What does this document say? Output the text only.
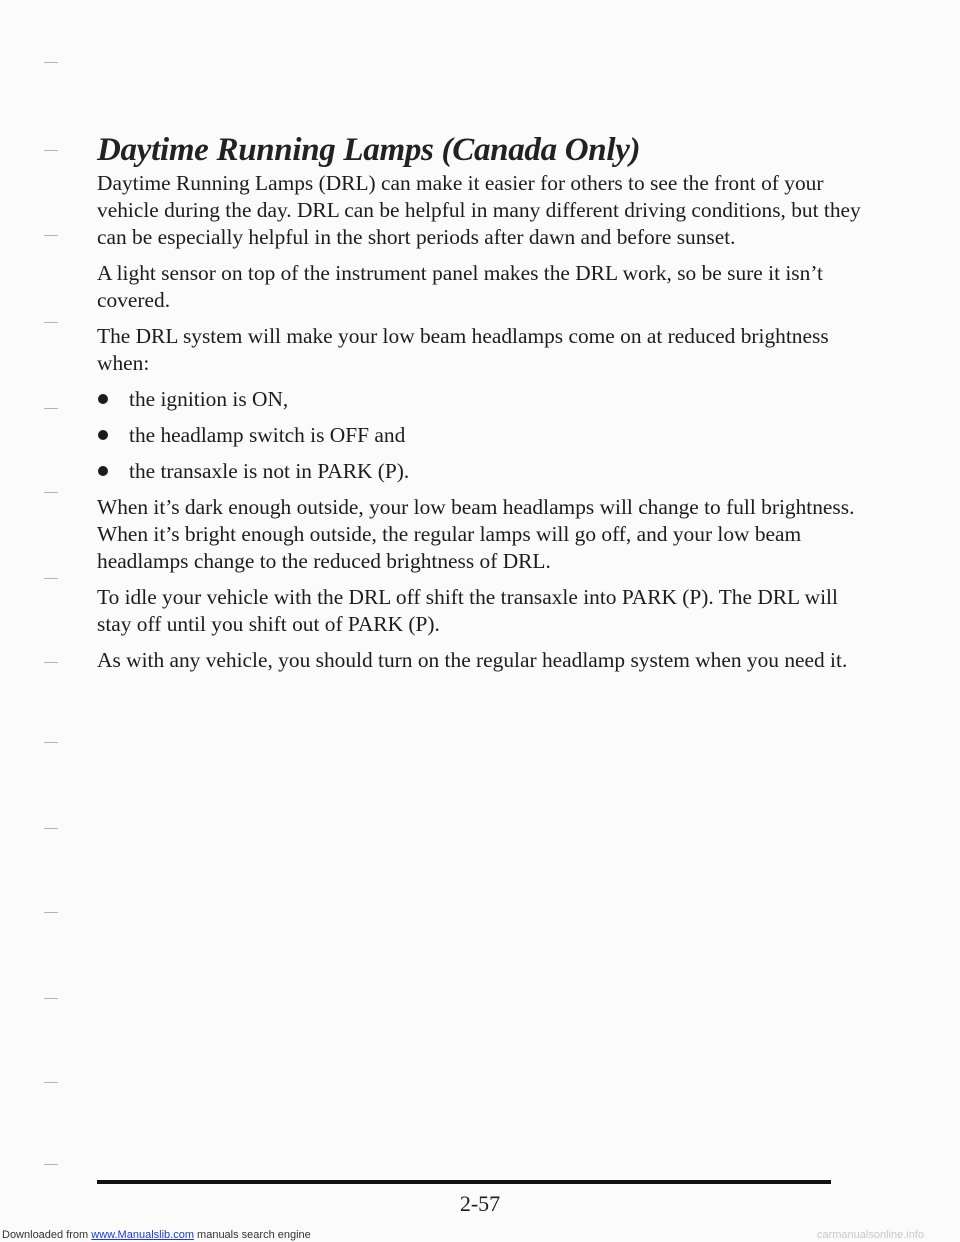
Daytime Running Lamps (Canada Only)

Daytime Running Lamps (DRL) can make it easier for others to see the front of your vehicle during the day. DRL can be helpful in many different driving conditions, but they can be especially helpful in the short periods after dawn and before sunset.

A light sensor on top of the instrument panel makes the DRL work, so be sure it isn’t covered.

The DRL system will make your low beam headlamps come on at reduced brightness when:

the ignition is ON,
the headlamp switch is OFF and
the transaxle is not in PARK (P).

When it’s dark enough outside, your low beam headlamps will change to full brightness. When it’s bright enough outside, the regular lamps will go off, and your low beam headlamps change to the reduced brightness of DRL.

To idle your vehicle with the DRL off shift the transaxle into PARK (P). The DRL will stay off until you shift out of PARK (P).

As with any vehicle, you should turn on the regular headlamp system when you need it.

2-57
Downloaded from www.Manualslib.com manuals search engine	carmanualsonline.info
